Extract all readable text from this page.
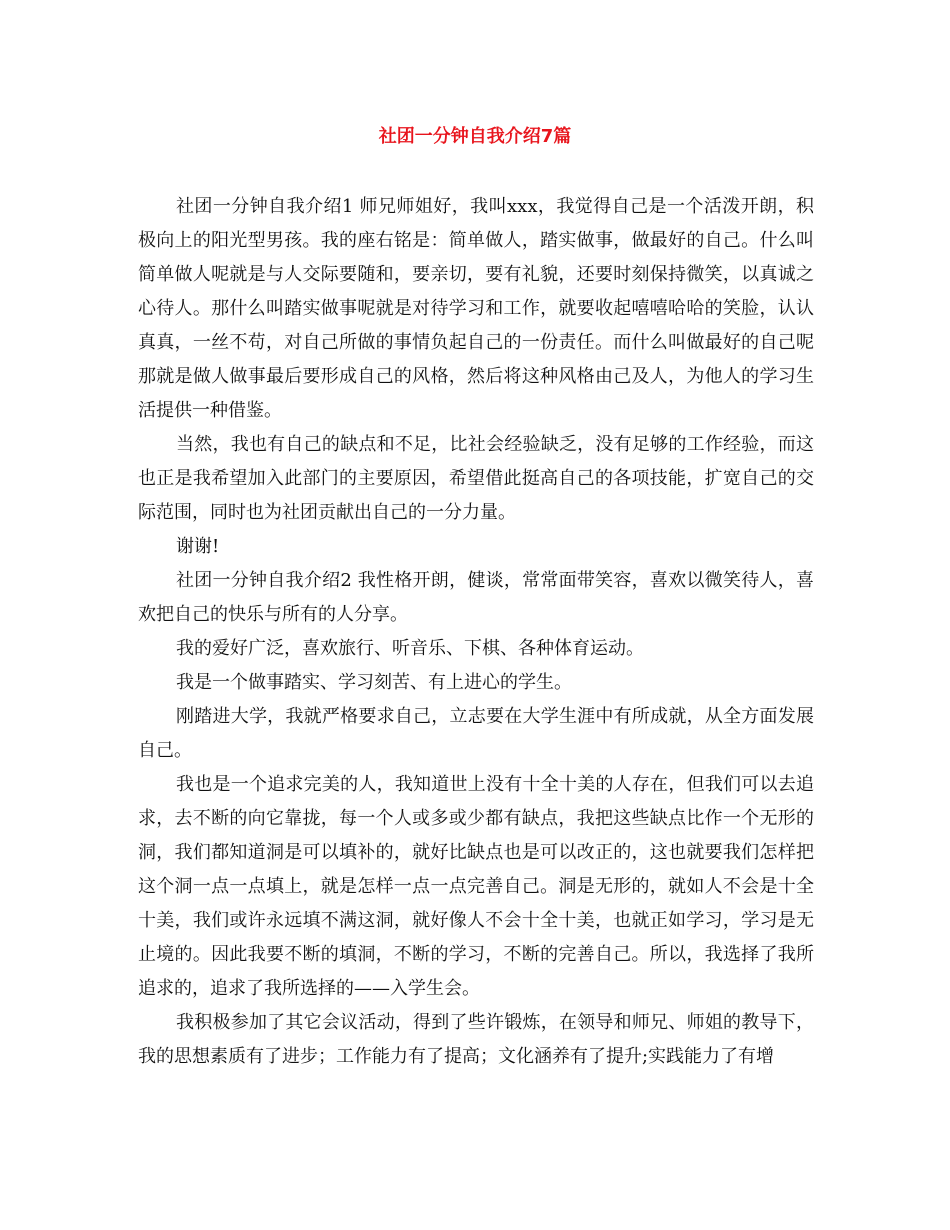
社团一分钟自我介绍7篇

社团一分钟自我介绍1 师兄师姐好，我叫xxx，我觉得自己是一个活泼开朗，积极向上的阳光型男孩。我的座右铭是：简单做人，踏实做事，做最好的自己。什么叫简单做人呢就是与人交际要随和，要亲切，要有礼貌，还要时刻保持微笑，以真诚之心待人。那什么叫踏实做事呢就是对待学习和工作，就要收起嘻嘻哈哈的笑脸，认认真真，一丝不苟，对自己所做的事情负起自己的一份责任。而什么叫做最好的自己呢那就是做人做事最后要形成自己的风格，然后将这种风格由己及人，为他人的学习生活提供一种借鉴。

当然，我也有自己的缺点和不足，比社会经验缺乏，没有足够的工作经验，而这也正是我希望加入此部门的主要原因，希望借此挺高自己的各项技能，扩宽自己的交际范围，同时也为社团贡献出自己的一分力量。

谢谢!

社团一分钟自我介绍2 我性格开朗，健谈，常常面带笑容，喜欢以微笑待人，喜欢把自己的快乐与所有的人分享。

我的爱好广泛，喜欢旅行、听音乐、下棋、各种体育运动。

我是一个做事踏实、学习刻苦、有上进心的学生。

刚踏进大学，我就严格要求自己，立志要在大学生涯中有所成就，从全方面发展自己。

我也是一个追求完美的人，我知道世上没有十全十美的人存在，但我们可以去追求，去不断的向它靠拢，每一个人或多或少都有缺点，我把这些缺点比作一个无形的洞，我们都知道洞是可以填补的，就好比缺点也是可以改正的，这也就要我们怎样把这个洞一点一点填上，就是怎样一点一点完善自己。洞是无形的，就如人不会是十全十美，我们或许永远填不满这洞，就好像人不会十全十美，也就正如学习，学习是无止境的。因此我要不断的填洞，不断的学习，不断的完善自己。所以，我选择了我所追求的，追求了我所选择的——入学生会。

我积极参加了其它会议活动，得到了些许锻炼，在领导和师兄、师姐的教导下，我的思想素质有了进步；工作能力有了提高；文化涵养有了提升;实践能力了有增
